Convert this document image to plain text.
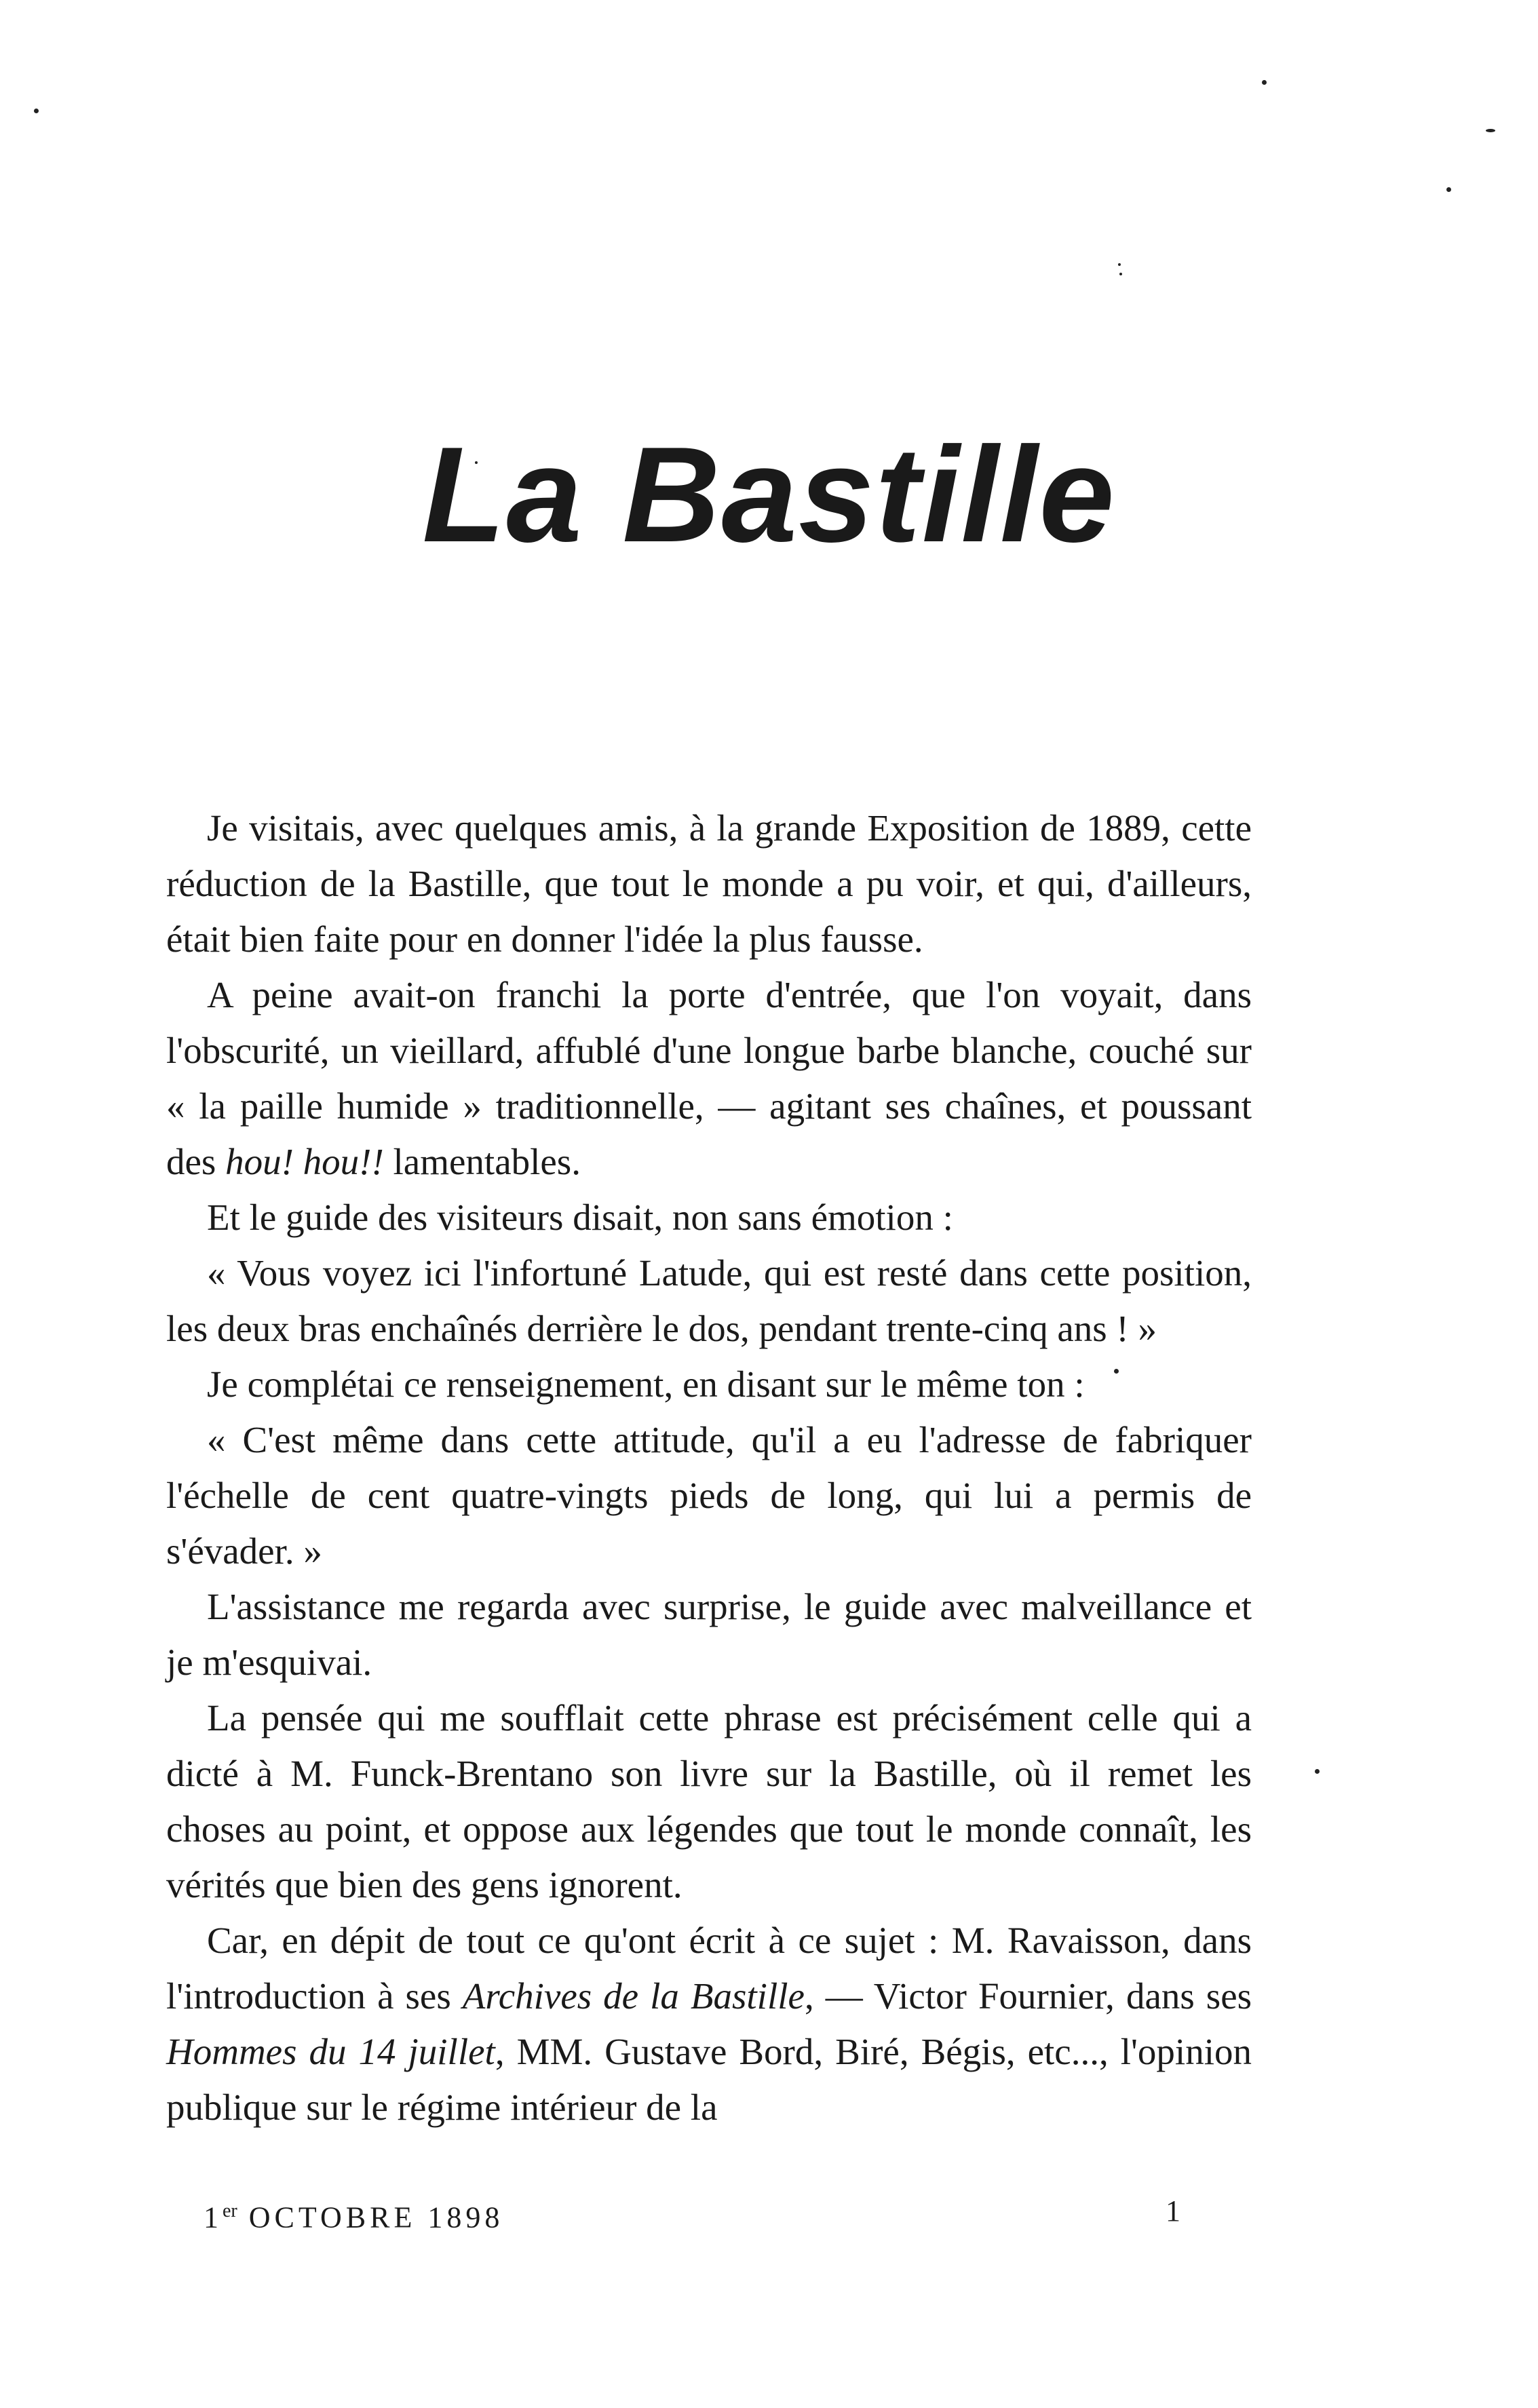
La Bastille

Je visitais, avec quelques amis, à la grande Exposition de 1889, cette réduction de la Bastille, que tout le monde a pu voir, et qui, d'ailleurs, était bien faite pour en donner l'idée la plus fausse.

A peine avait-on franchi la porte d'entrée, que l'on voyait, dans l'obscurité, un vieillard, affublé d'une longue barbe blanche, couché sur « la paille humide » traditionnelle, — agitant ses chaînes, et poussant des hou! hou!! lamentables.

Et le guide des visiteurs disait, non sans émotion :

« Vous voyez ici l'infortuné Latude, qui est resté dans cette position, les deux bras enchaînés derrière le dos, pendant trente-cinq ans ! »

Je complétai ce renseignement, en disant sur le même ton :

« C'est même dans cette attitude, qu'il a eu l'adresse de fabriquer l'échelle de cent quatre-vingts pieds de long, qui lui a permis de s'évader. »

L'assistance me regarda avec surprise, le guide avec malveillance et je m'esquivai.

La pensée qui me soufflait cette phrase est précisément celle qui a dicté à M. Funck-Brentano son livre sur la Bastille, où il remet les choses au point, et oppose aux légendes que tout le monde connaît, les vérités que bien des gens ignorent.

Car, en dépit de tout ce qu'ont écrit à ce sujet : M. Ravaisson, dans l'introduction à ses Archives de la Bastille, — Victor Fournier, dans ses Hommes du 14 juillet, MM. Gustave Bord, Biré, Bégis, etc..., l'opinion publique sur le régime intérieur de la

1er OCTOBRE 1898	1
